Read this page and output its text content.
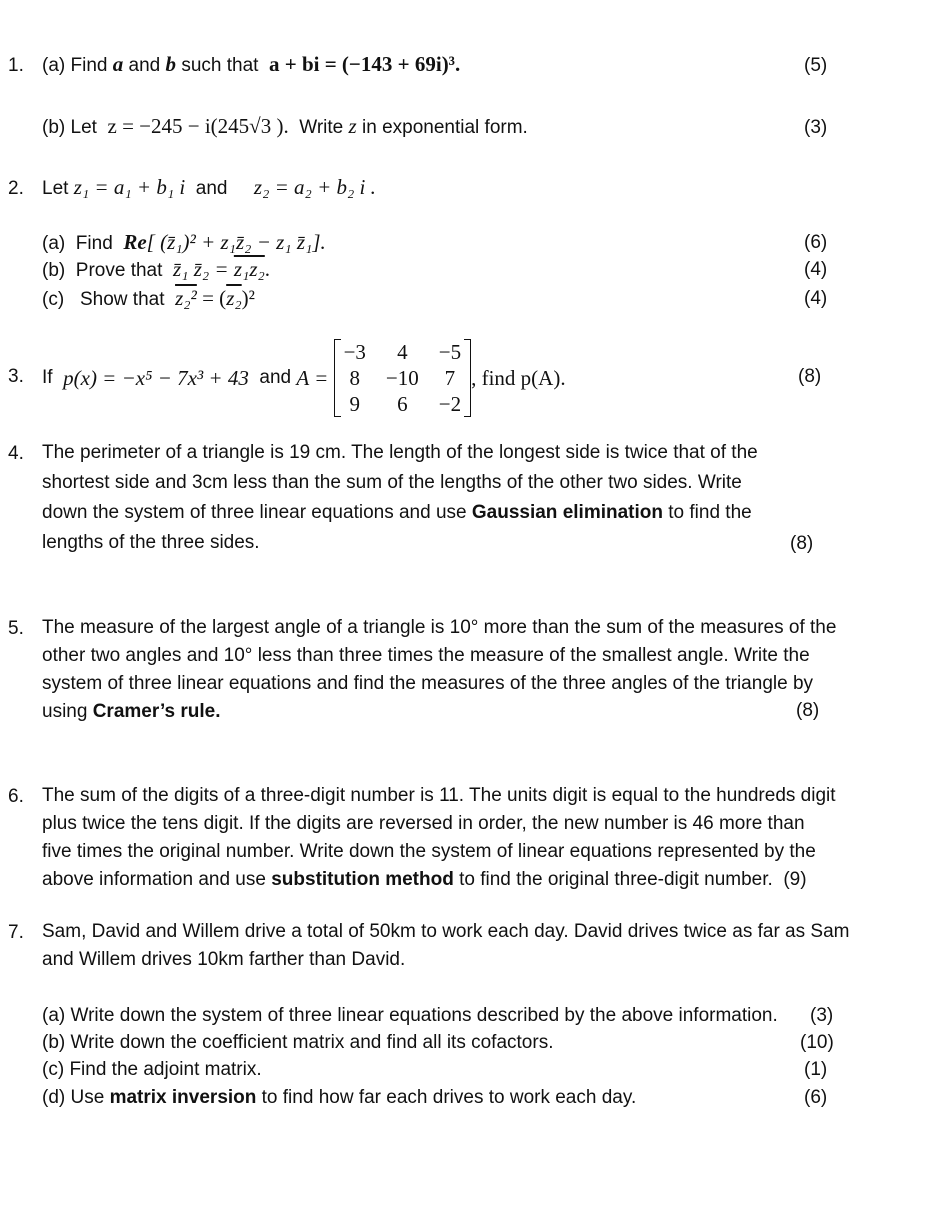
1. (a) Find a and b such that a + bi = (−143 + 69i)³.	(5)
(b) Let z = −245 − i(245√3 ). Write z in exponential form.	(3)
2. Let z₁ = a₁ + b₁ i and z₂ = a₂ + b₂ i .
(a) Find Re[ (z̄₁)² + z₁z̄₂ − z₁ z̄₁].	(6)
(b) Prove that z̄₁ z̄₂ = z₁z₂.	(4)
(c) Show that z₂² = (z₂)²	(4)
3. If
p(x) = −x⁵ − 7x³ + 43
and
A =

−3	4	−5
8	−10	7
9	6	−2
, find p(A).	(8)
4. The perimeter of a triangle is 19 cm. The length of the longest side is twice that of the
shortest side and 3cm less than the sum of the lengths of the other two sides. Write
down the system of three linear equations and use Gaussian elimination to find the
lengths of the three sides.	(8)
5. The measure of the largest angle of a triangle is 10° more than the sum of the measures of the
other two angles and 10° less than three times the measure of the smallest angle. Write the
system of three linear equations and find the measures of the three angles of the triangle by
using Cramer’s rule.	(8)
6. The sum of the digits of a three-digit number is 11. The units digit is equal to the hundreds digit
plus twice the tens digit. If the digits are reversed in order, the new number is 46 more than
five times the original number. Write down the system of linear equations represented by the
above information and use substitution method to find the original three-digit number. (9)
7. Sam, David and Willem drive a total of 50km to work each day. David drives twice as far as Sam
and Willem drives 10km farther than David.
(a) Write down the system of three linear equations described by the above information. (3)
(b) Write down the coefficient matrix and find all its cofactors.	(10)
(c) Find the adjoint matrix.	(1)
(d) Use matrix inversion to find how far each drives to work each day.	(6)
